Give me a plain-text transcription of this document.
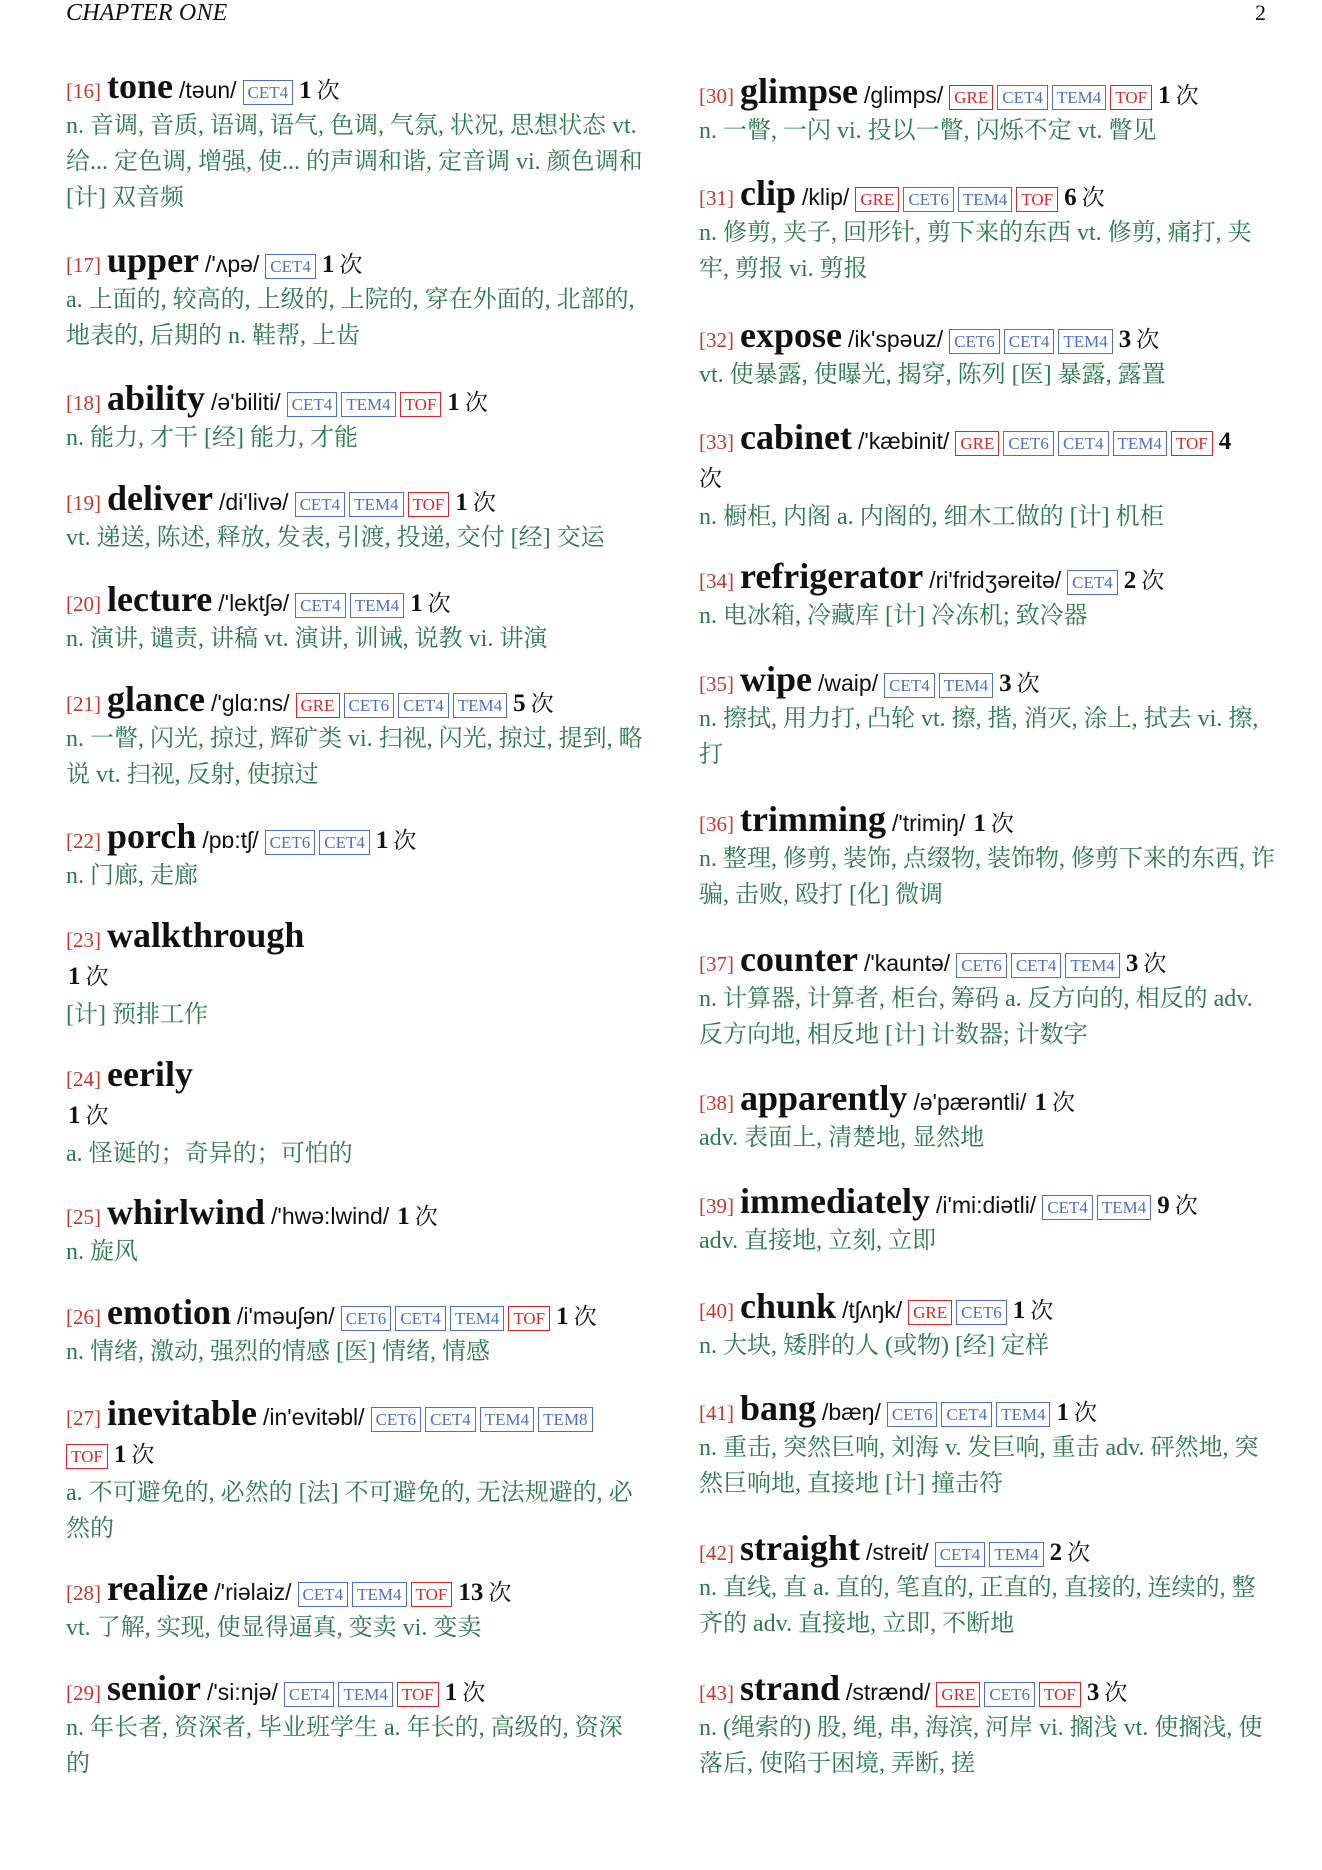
CHAPTER ONE	2
[16] tone /təun/ CET4 1 次
n. 音调, 音质, 语调, 语气, 色调, 气氛, 状况, 思想状态 vt.
给... 定色调, 增强, 使... 的声调和谐, 定音调 vi. 颜色调和
[计] 双音频
[17] upper /'ʌpə/ CET4 1 次
a. 上面的, 较高的, 上级的, 上院的, 穿在外面的, 北部的,
地表的, 后期的 n. 鞋帮, 上齿
[18] ability /ə'biliti/ CET4 TEM4 TOF 1 次
n. 能力, 才干 [经] 能力, 才能
[19] deliver /di'livə/ CET4 TEM4 TOF 1 次
vt. 递送, 陈述, 释放, 发表, 引渡, 投递, 交付 [经] 交运
[20] lecture /'lektʃə/ CET4 TEM4 1 次
n. 演讲, 谴责, 讲稿 vt. 演讲, 训诫, 说教 vi. 讲演
[21] glance /'glɑ:ns/ GRE CET6 CET4 TEM4 5 次
n. 一瞥, 闪光, 掠过, 辉矿类 vi. 扫视, 闪光, 掠过, 提到, 略
说 vt. 扫视, 反射, 使掠过
[22] porch /pɒ:tʃ/ CET6 CET4 1 次
n. 门廊, 走廊
[23] walkthrough
1 次
[计] 预排工作
[24] eerily
1 次
a. 怪诞的；奇异的；可怕的
[25] whirlwind /'hwə:lwind/ 1 次
n. 旋风
[26] emotion /i'məuʃən/ CET6 CET4 TEM4 TOF 1 次
n. 情绪, 激动, 强烈的情感 [医] 情绪, 情感
[27] inevitable /in'evitəbl/ CET6 CET4 TEM4 TEM8
TOF 1 次
a. 不可避免的, 必然的 [法] 不可避免的, 无法规避的, 必
然的
[28] realize /'riəlaiz/ CET4 TEM4 TOF 13 次
vt. 了解, 实现, 使显得逼真, 变卖 vi. 变卖
[29] senior /'si:njə/ CET4 TEM4 TOF 1 次
n. 年长者, 资深者, 毕业班学生 a. 年长的, 高级的, 资深
的
[30] glimpse /glimps/ GRE CET4 TEM4 TOF 1 次
n. 一瞥, 一闪 vi. 投以一瞥, 闪烁不定 vt. 瞥见
[31] clip /klip/ GRE CET6 TEM4 TOF 6 次
n. 修剪, 夹子, 回形针, 剪下来的东西 vt. 修剪, 痛打, 夹
牢, 剪报 vi. 剪报
[32] expose /ik'spəuz/ CET6 CET4 TEM4 3 次
vt. 使暴露, 使曝光, 揭穿, 陈列 [医] 暴露, 露置
[33] cabinet /'kæbinit/ GRE CET6 CET4 TEM4 TOF 4
次
n. 橱柜, 内阁 a. 内阁的, 细木工做的 [计] 机柜
[34] refrigerator /ri'fridʒəreitə/ CET4 2 次
n. 电冰箱, 冷藏库 [计] 冷冻机; 致冷器
[35] wipe /waip/ CET4 TEM4 3 次
n. 擦拭, 用力打, 凸轮 vt. 擦, 揩, 消灭, 涂上, 拭去 vi. 擦,
打
[36] trimming /'trimiŋ/ 1 次
n. 整理, 修剪, 装饰, 点缀物, 装饰物, 修剪下来的东西, 诈
骗, 击败, 殴打 [化] 微调
[37] counter /'kauntə/ CET6 CET4 TEM4 3 次
n. 计算器, 计算者, 柜台, 筹码 a. 反方向的, 相反的 adv.
反方向地, 相反地 [计] 计数器; 计数字
[38] apparently /ə'pærəntli/ 1 次
adv. 表面上, 清楚地, 显然地
[39] immediately /i'mi:diətli/ CET4 TEM4 9 次
adv. 直接地, 立刻, 立即
[40] chunk /tʃʌŋk/ GRE CET6 1 次
n. 大块, 矮胖的人 (或物) [经] 定样
[41] bang /bæŋ/ CET6 CET4 TEM4 1 次
n. 重击, 突然巨响, 刘海 v. 发巨响, 重击 adv. 砰然地, 突
然巨响地, 直接地 [计] 撞击符
[42] straight /streit/ CET4 TEM4 2 次
n. 直线, 直 a. 直的, 笔直的, 正直的, 直接的, 连续的, 整
齐的 adv. 直接地, 立即, 不断地
[43] strand /strænd/ GRE CET6 TOF 3 次
n. (绳索的) 股, 绳, 串, 海滨, 河岸 vi. 搁浅 vt. 使搁浅, 使
落后, 使陷于困境, 弄断, 搓
